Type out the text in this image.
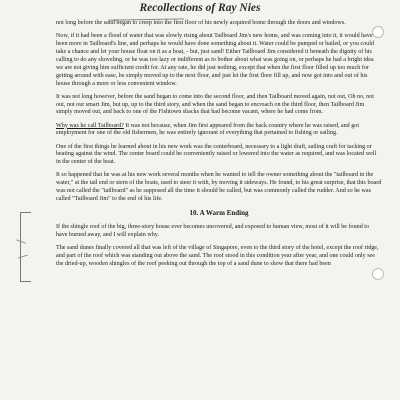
Recollections of Ray Nies

not long before the sand began to creep into the first floor of his newly acquired home through the doors and windows.

Now, if it had been a flood of water that was slowly rising about Tailboard Jim's new home, and was coming into it, it would have been more in Tailboard's line, and perhaps he would have done something about it. Water could be pumped or bailed, or you could take a chance and let your house float on it as a boat, - but, just sand! Either Tailboard Jim considered it beneath the dignity of his calling to do any shoveling, or he was too lazy or indifferent as to bother about what was going on, or perhaps he had a bright idea we are not giving him sufficient credit for. At any rate, he did just nothing, except that when the first floor filled up too much for getting around with ease, he simply moved up to the next floor, and just let the first floor fill up, and now got into and out of his house through a more or less convenient window.

It was not long however, before the sand began to come into the second floor, and then Tailboard moved again, not out, Oh no, not out, not our smart Jim, but up, up to the third story, and when the sand began to encroach on the third floor, then Tailboard Jim simply moved out, and back to one of the Fishtown shacks that had become vacant, where he had come from.

Why was he call Tailboard? It was not because, when Jim first appeared from the back country where he was raised, and got employment for one of the old fishermen, he was entirely ignorant of everything that pertained to fishing or sailing.

One of the first things he learned about in his new work was the centerboard, necessary to a light draft, sailing craft for tacking or beating against the wind. The center board could be conveniently raised or lowered into the water as required, and was located well in the center of the boat.

It so happened that he was at his new work several months when he wanted to tell the owner something about the "tailboard in the water," at the tail end or stern of the boats, used to steer it with, by moving it sideways. He found, to his great surprise, that this board was not called the "tailboard" as he supposed all the time it should be called, but was commonly called the rudder. And so he was called "Tailboard Jim" to the end of his life.

10. A Warm Ending

If the shingle roof of the big, three-story house ever becomes uncovered, and exposed to human view, most of it will be found to have burned away, and I will explain why.

The sand dunes finally covered all that was left of the village of Singapore, even to the third story of the hotel, except the roof ridge, and part of the roof which was standing out above the sand. The roof stood in this condition year after year, and one could only see the dried-up, wooden shingles of the roof peeking out through the top of a sand dune to show that there had been
